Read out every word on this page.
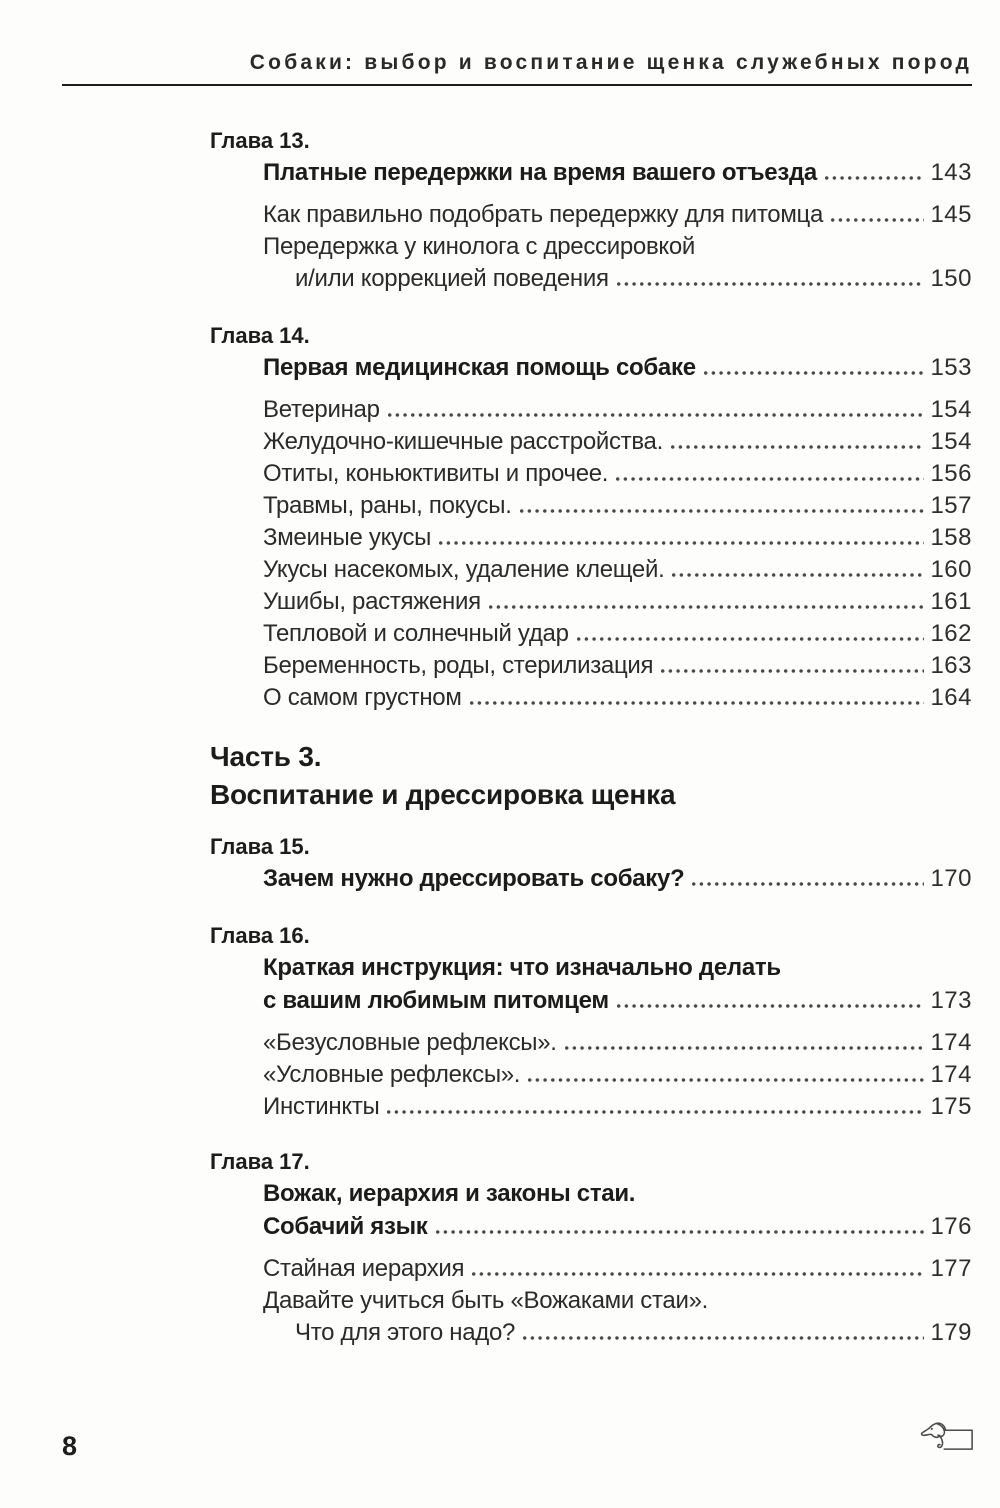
Собаки: выбор и воспитание щенка служебных пород
Глава 13.
Платные передержки на время вашего отъезда	143
Как правильно подобрать передержку для питомца	145
Передержка у кинолога с дрессировкой
и/или коррекцией поведения	150
Глава 14.
Первая медицинская помощь собаке	153
Ветеринар	154
Желудочно-кишечные расстройства.	154
Отиты, коньюктивиты и прочее.	156
Травмы, раны, покусы.	157
Змеиные укусы	158
Укусы насекомых, удаление клещей.	160
Ушибы, растяжения	161
Тепловой и солнечный удар	162
Беременность, роды, стерилизация	163
О самом грустном	164
Часть 3.
Воспитание и дрессировка щенка
Глава 15.
Зачем нужно дрессировать собаку?	170
Глава 16.
Краткая инструкция: что изначально делать
с вашим любимым питомцем	173
«Безусловные рефлексы».	174
«Условные рефлексы».	174
Инстинкты	175
Глава 17.
Вожак, иерархия и законы стаи.
Собачий язык	176
Стайная иерархия	177
Давайте учиться быть «Вожаками стаи».
Что для этого надо?	179
8
